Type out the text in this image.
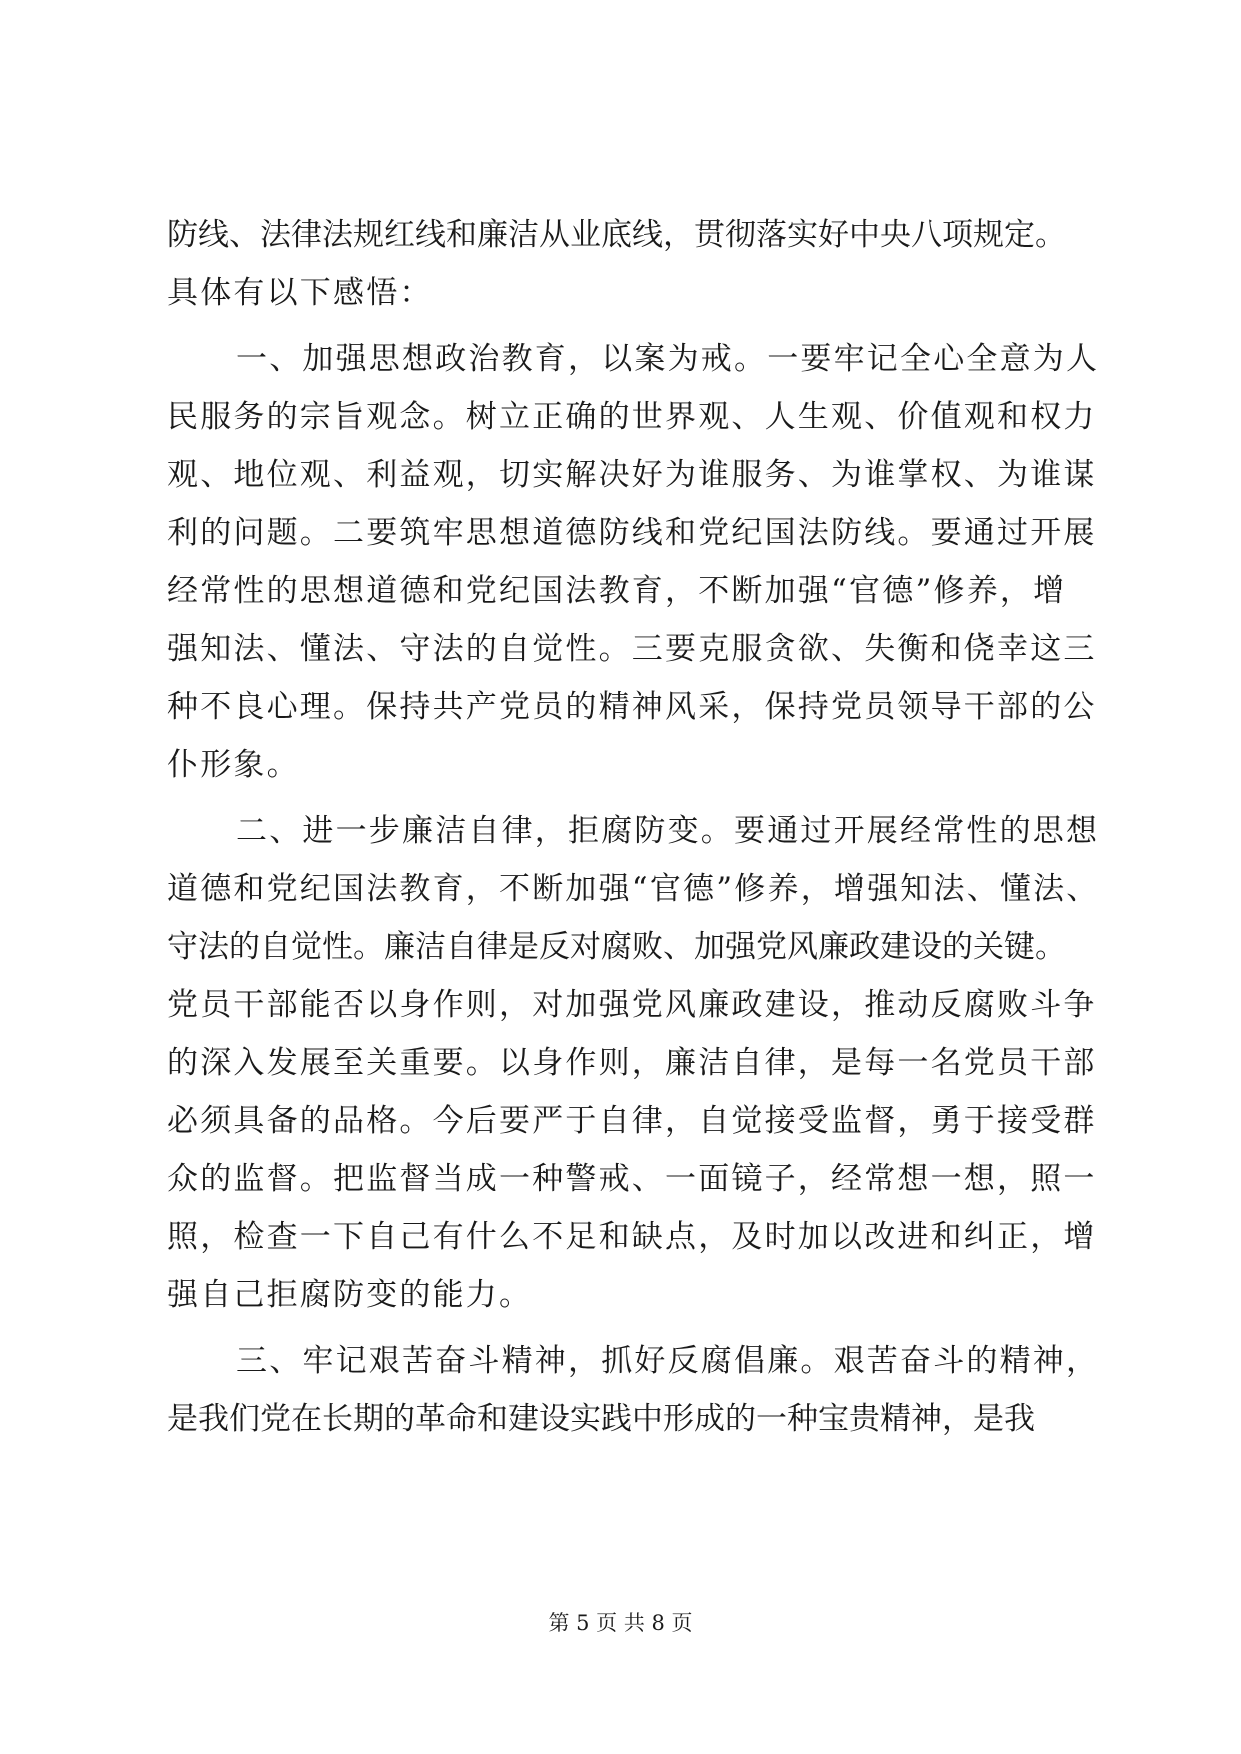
防线、法律法规红线和廉洁从业底线，贯彻落实好中央八项规定。
具体有以下感悟：
一、加强思想政治教育，以案为戒。一要牢记全心全意为人
民服务的宗旨观念。树立正确的世界观、人生观、价值观和权力
观、地位观、利益观，切实解决好为谁服务、为谁掌权、为谁谋
利的问题。二要筑牢思想道德防线和党纪国法防线。要通过开展
经常性的思想道德和党纪国法教育，不断加强“官德”修养，增
强知法、懂法、守法的自觉性。三要克服贪欲、失衡和侥幸这三
种不良心理。保持共产党员的精神风采，保持党员领导干部的公
仆形象。
二、进一步廉洁自律，拒腐防变。要通过开展经常性的思想
道德和党纪国法教育，不断加强“官德”修养，增强知法、懂法、
守法的自觉性。廉洁自律是反对腐败、加强党风廉政建设的关键。
党员干部能否以身作则，对加强党风廉政建设，推动反腐败斗争
的深入发展至关重要。以身作则，廉洁自律，是每一名党员干部
必须具备的品格。今后要严于自律，自觉接受监督，勇于接受群
众的监督。把监督当成一种警戒、一面镜子，经常想一想，照一
照，检查一下自己有什么不足和缺点，及时加以改进和纠正，增
强自己拒腐防变的能力。
三、牢记艰苦奋斗精神，抓好反腐倡廉。艰苦奋斗的精神，
是我们党在长期的革命和建设实践中形成的一种宝贵精神，是我
第 5 页 共 8 页
